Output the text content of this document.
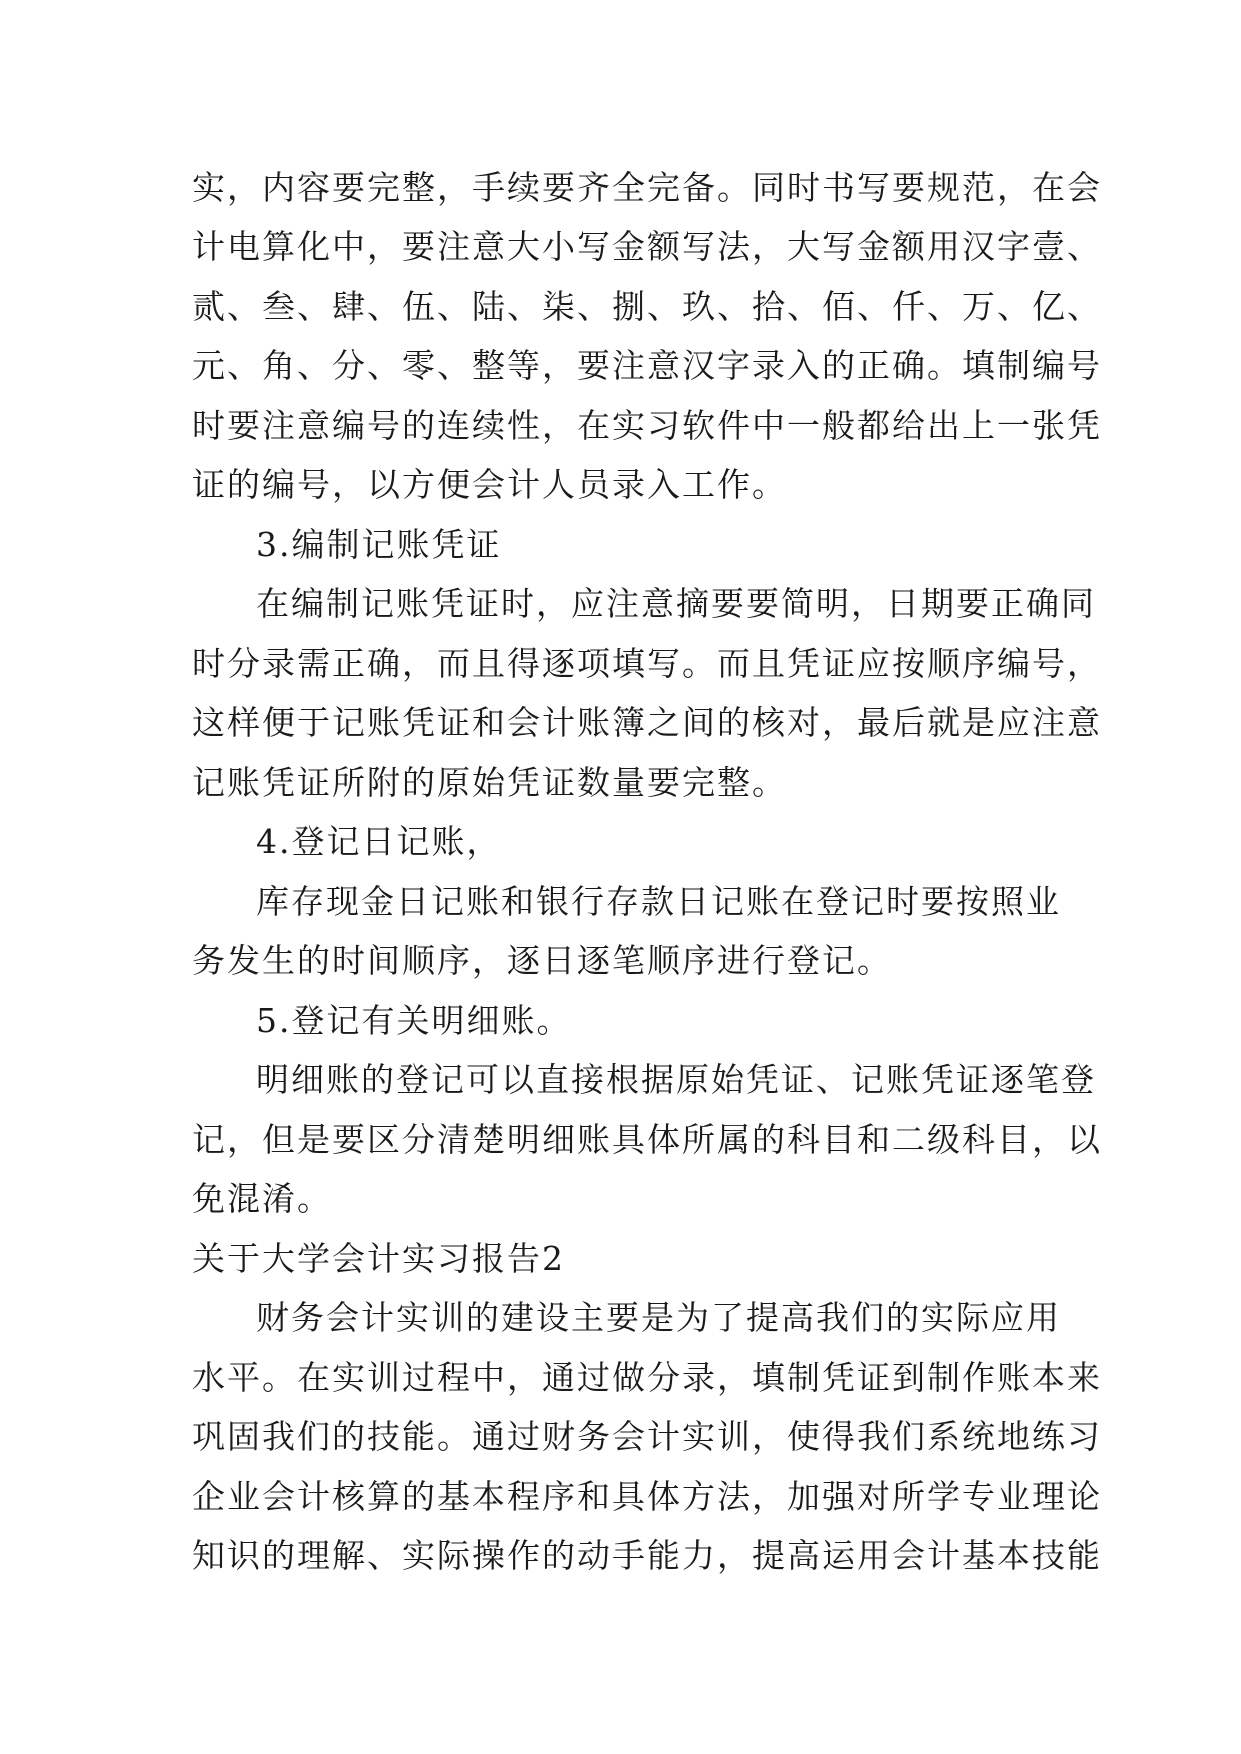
实，内容要完整，手续要齐全完备。同时书写要规范，在会

计电算化中，要注意大小写金额写法，大写金额用汉字壹、

贰、叁、肆、伍、陆、柒、捌、玖、拾、佰、仟、万、亿、

元、角、分、零、整等，要注意汉字录入的正确。填制编号

时要注意编号的连续性，在实习软件中一般都给出上一张凭

证的编号，以方便会计人员录入工作。

3.编制记账凭证

在编制记账凭证时，应注意摘要要简明，日期要正确同

时分录需正确，而且得逐项填写。而且凭证应按顺序编号，

这样便于记账凭证和会计账簿之间的核对，最后就是应注意

记账凭证所附的原始凭证数量要完整。

4.登记日记账，

库存现金日记账和银行存款日记账在登记时要按照业

务发生的时间顺序，逐日逐笔顺序进行登记。

5.登记有关明细账。

明细账的登记可以直接根据原始凭证、记账凭证逐笔登

记，但是要区分清楚明细账具体所属的科目和二级科目，以

免混淆。

关于大学会计实习报告2

财务会计实训的建设主要是为了提高我们的实际应用

水平。在实训过程中，通过做分录，填制凭证到制作账本来

巩固我们的技能。通过财务会计实训，使得我们系统地练习

企业会计核算的基本程序和具体方法，加强对所学专业理论

知识的理解、实际操作的动手能力，提高运用会计基本技能
